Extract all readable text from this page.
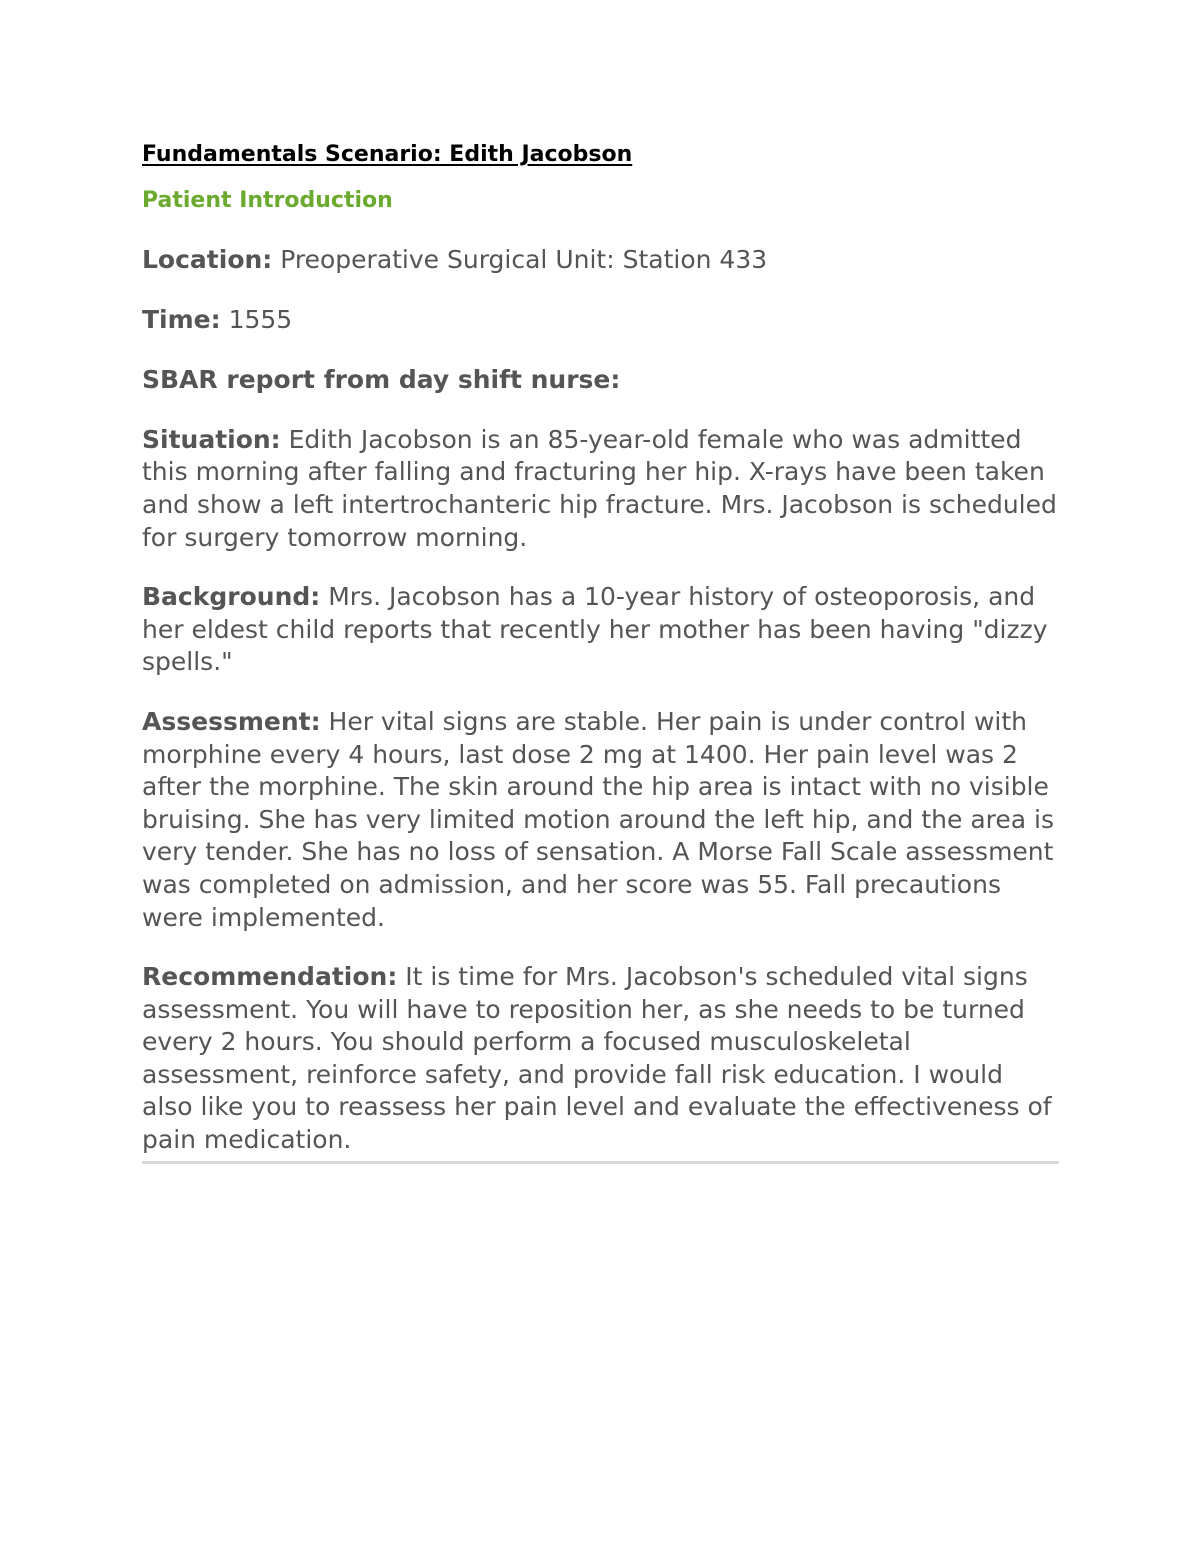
Fundamentals Scenario: Edith Jacobson
Patient Introduction

Location: Preoperative Surgical Unit: Station 433

Time: 1555

SBAR report from day shift nurse:

Situation: Edith Jacobson is an 85-year-old female who was admitted this morning after falling and fracturing her hip. X-rays have been taken and show a left intertrochanteric hip fracture. Mrs. Jacobson is scheduled for surgery tomorrow morning.

Background: Mrs. Jacobson has a 10-year history of osteoporosis, and her eldest child reports that recently her mother has been having "dizzy spells."

Assessment: Her vital signs are stable. Her pain is under control with morphine every 4 hours, last dose 2 mg at 1400. Her pain level was 2 after the morphine. The skin around the hip area is intact with no visible bruising. She has very limited motion around the left hip, and the area is very tender. She has no loss of sensation. A Morse Fall Scale assessment was completed on admission, and her score was 55. Fall precautions were implemented.

Recommendation: It is time for Mrs. Jacobson's scheduled vital signs assessment. You will have to reposition her, as she needs to be turned every 2 hours. You should perform a focused musculoskeletal assessment, reinforce safety, and provide fall risk education. I would also like you to reassess her pain level and evaluate the effectiveness of pain medication.
